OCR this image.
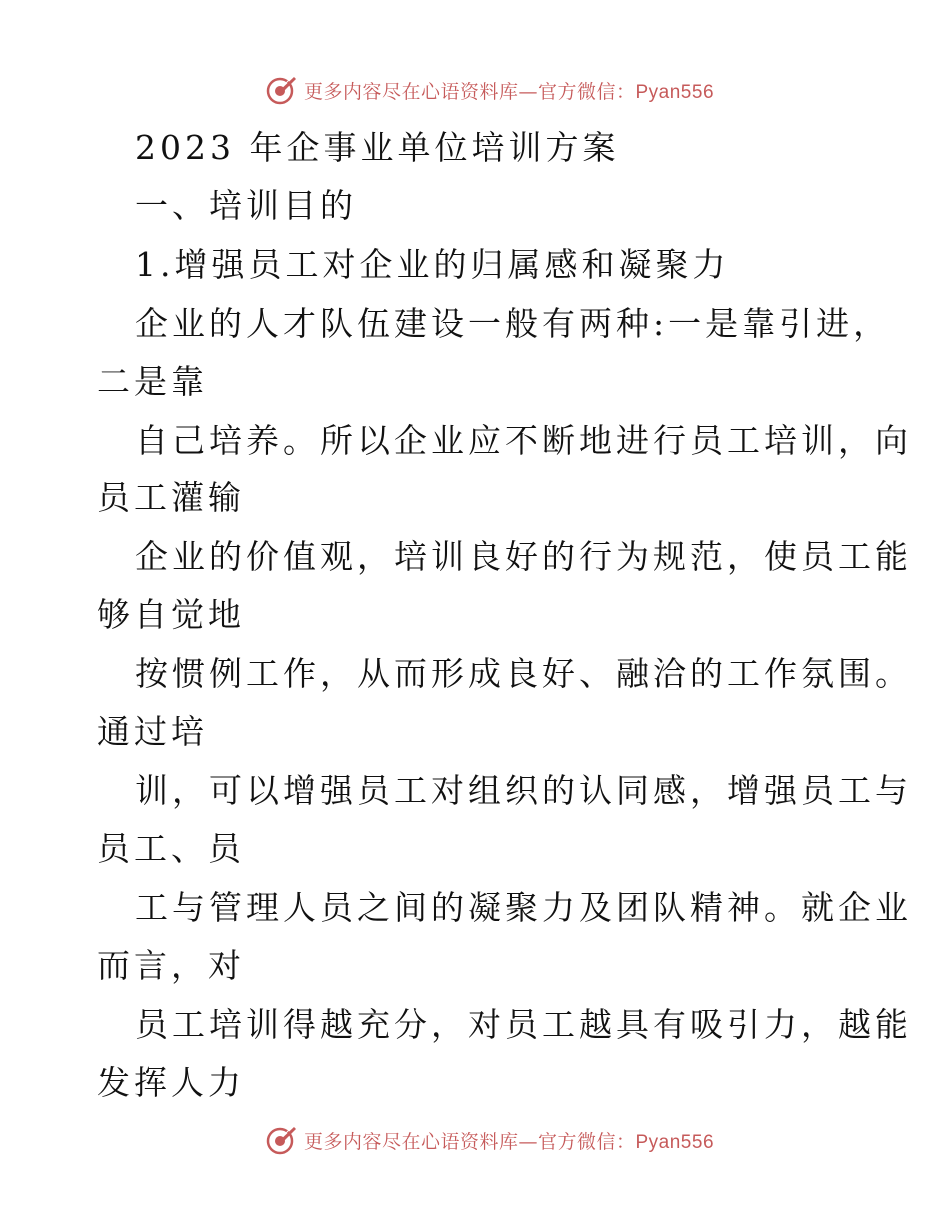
更多内容尽在心语资料库—官方微信：Pyan556
2023 年企事业单位培训方案
一、培训目的
1.增强员工对企业的归属感和凝聚力
企业的人才队伍建设一般有两种:一是靠引进，
二是靠
自己培养。所以企业应不断地进行员工培训，向
员工灌输
企业的价值观，培训良好的行为规范，使员工能
够自觉地
按惯例工作，从而形成良好、融洽的工作氛围。
通过培
训，可以增强员工对组织的认同感，增强员工与
员工、员
工与管理人员之间的凝聚力及团队精神。就企业
而言，对
员工培训得越充分，对员工越具有吸引力，越能
发挥人力
更多内容尽在心语资料库—官方微信：Pyan556
